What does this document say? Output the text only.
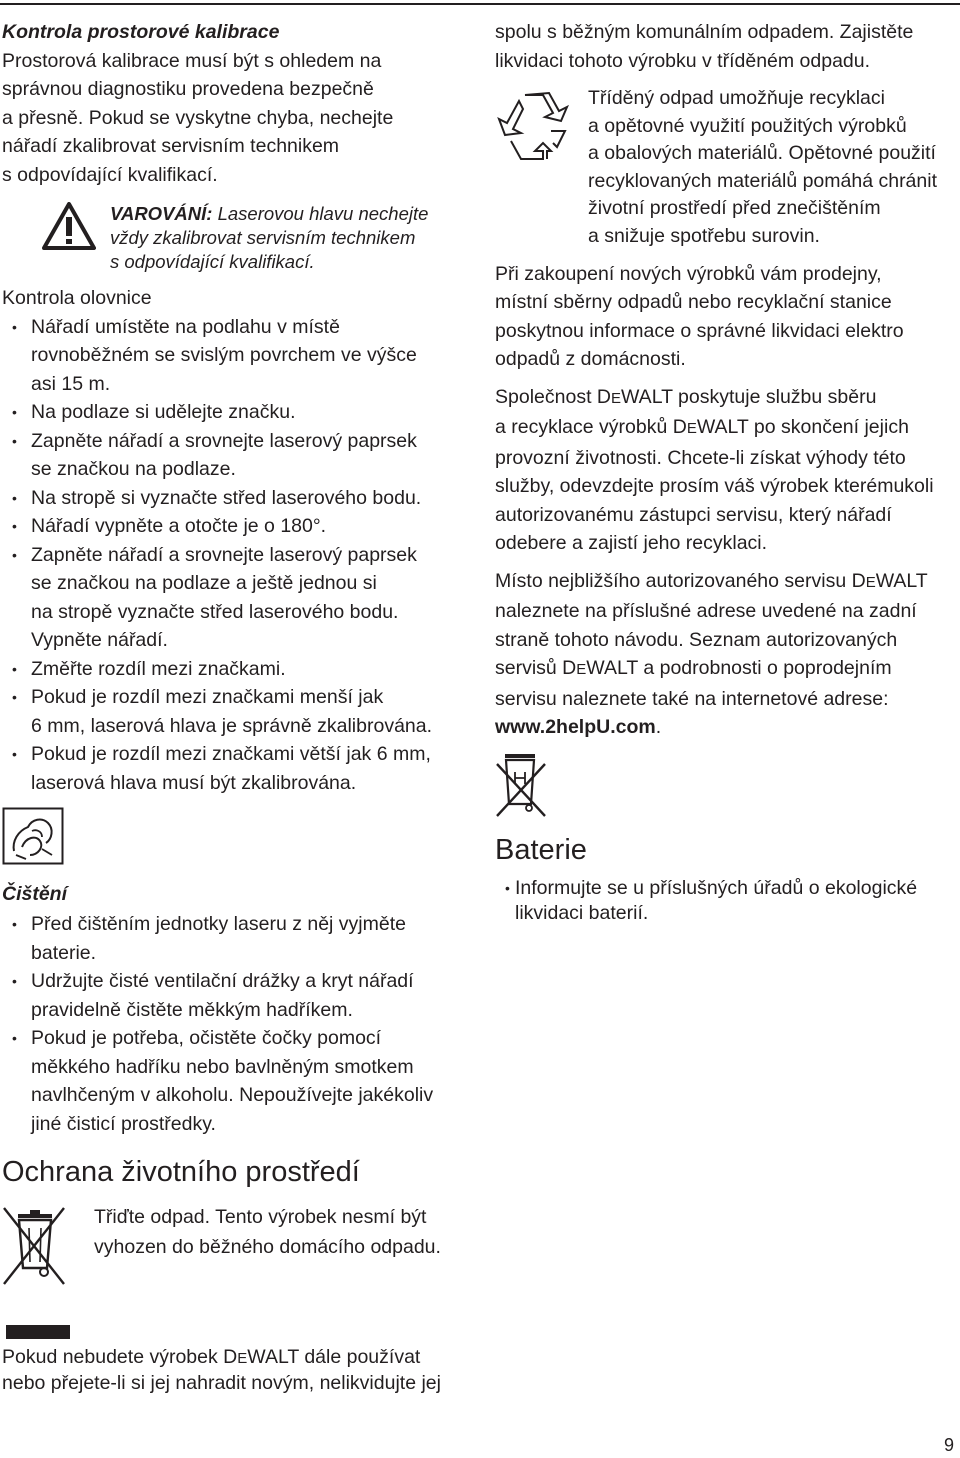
Kontrola prostorové kalibrace

Prostorová kalibrace musí být s ohledem na
správnou diagnostiku provedena bezpečně
a přesně. Pokud se vyskytne chyba, nechejte
nářadí zkalibrovat servisním technikem
s odpovídající kvalifikací.

VAROVÁNÍ: Laserovou hlavu nechejte
vždy zkalibrovat servisním technikem
s odpovídající kvalifikací.

Kontrola olovnice

• Nářadí umístěte na podlahu v místě
rovnoběžném se svislým povrchem ve výšce
asi 15 m.
• Na podlaze si udělejte značku.
• Zapněte nářadí a srovnejte laserový paprsek
se značkou na podlaze.
• Na stropě si vyznačte střed laserového bodu.
• Nářadí vypněte a otočte je o 180°.
• Zapněte nářadí a srovnejte laserový paprsek
se značkou na podlaze a ještě jednou si
na stropě vyznačte střed laserového bodu.
Vypněte nářadí.
• Změřte rozdíl mezi značkami.
• Pokud je rozdíl mezi značkami menší jak
6 mm, laserová hlava je správně zkalibrována.
• Pokud je rozdíl mezi značkami větší jak 6 mm,
laserová hlava musí být zkalibrována.

Čištění

• Před čištěním jednotky laseru z něj vyjměte
baterie.
• Udržujte čisté ventilační drážky a kryt nářadí
pravidelně čistěte měkkým hadříkem.
• Pokud je potřeba, očistěte čočky pomocí
měkkého hadříku nebo bavlněným smotkem
navlhčeným v alkoholu. Nepoužívejte jakékoliv
jiné čisticí prostředky.

Ochrana životního prostředí

Třiďte odpad. Tento výrobek nesmí být
vyhozen do běžného domácího odpadu.

Pokud nebudete výrobek DEWALT dále používat
nebo přejete-li si jej nahradit novým, nelikvidujte jej

spolu s běžným komunálním odpadem. Zajistěte
likvidaci tohoto výrobku v tříděném odpadu.

Tříděný odpad umožňuje recyklaci
a opětovné využití použitých výrobků
a obalových materiálů. Opětovné použití
recyklovaných materiálů pomáhá chránit
životní prostředí před znečištěním
a snižuje spotřebu surovin.

Při zakoupení nových výrobků vám prodejny,
místní sběrny odpadů nebo recyklační stanice
poskytnou informace o správné likvidaci elektro
odpadů z domácnosti.

Společnost DEWALT poskytuje službu sběru
a recyklace výrobků DEWALT po skončení jejich
provozní životnosti. Chcete-li získat výhody této
služby, odevzdejte prosím váš výrobek kterémukoli
autorizovanému zástupci servisu, který nářadí
odebere a zajistí jeho recyklaci.

Místo nejbližšího autorizovaného servisu DEWALT
naleznete na příslušné adrese uvedené na zadní
straně tohoto návodu. Seznam autorizovaných
servisů DEWALT a podrobnosti o poprodejním
servisu naleznete také na internetové adrese:
www.2helpU.com.

Baterie

• Informujte se u příslušných úřadů o ekologické
likvidaci baterií.
9
